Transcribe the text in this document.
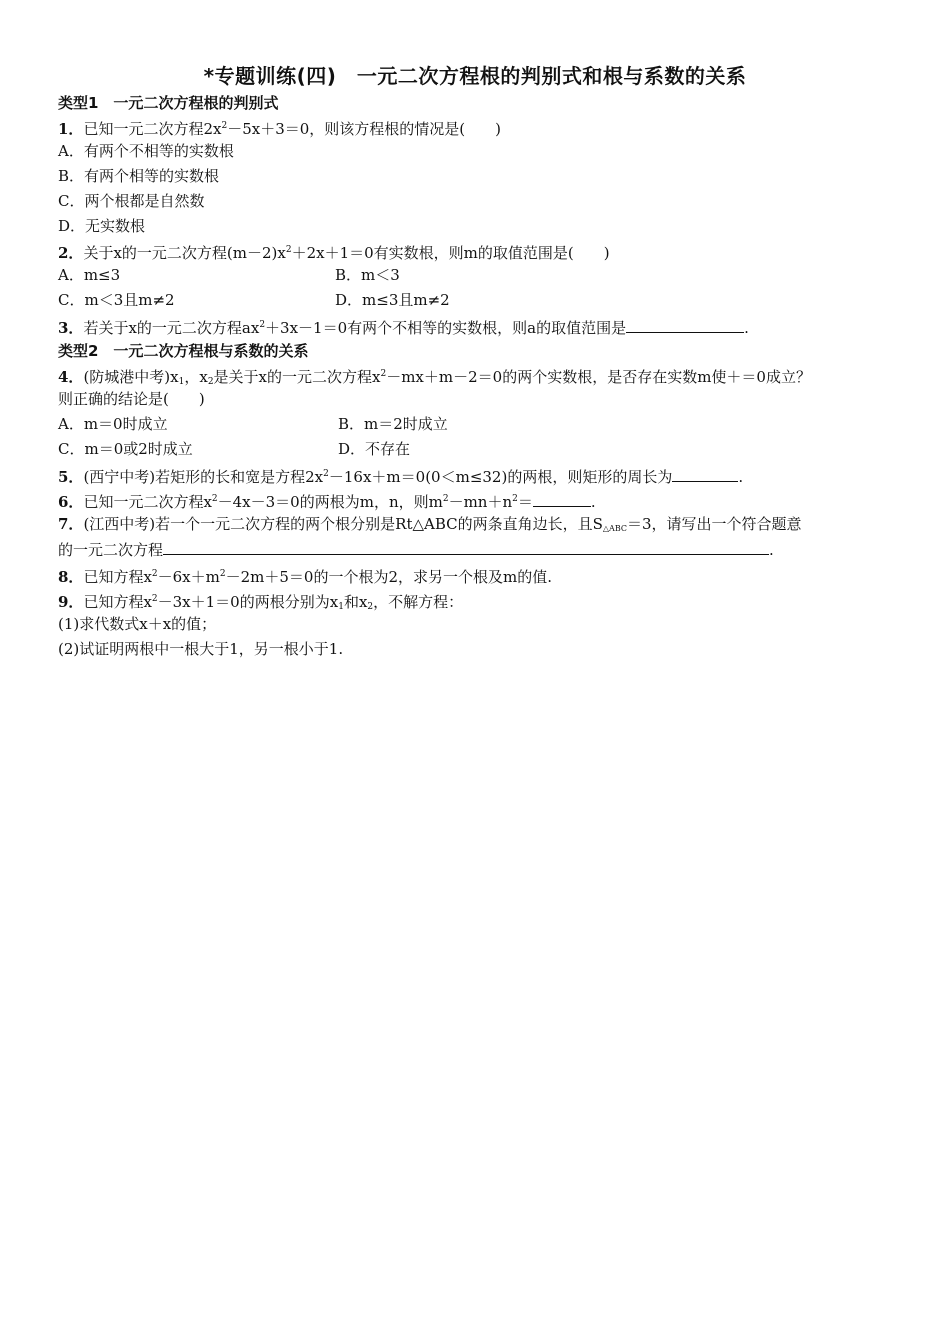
*专题训练(四)　一元二次方程根的判别式和根与系数的关系
类型1　一元二次方程根的判别式
1．已知一元二次方程$2x^2-5x+3=0$，则该方程根的情况是(　　)
A．有两个不相等的实数根
B．有两个相等的实数根
C．两个根都是自然数
D．无实数根
2．关于x的一元二次方程$(m-2)x^2+2x+1=0$有实数根，则m的取值范围是(　　)
A．m≤3	B．m＜3
C．m＜3且m≠2	D．m≤3且m≠2
3．若关于x的一元二次方程$ax^2+3x-1=0$有两个不相等的实数根，则a的取值范围是	.
类型2　一元二次方程根与系数的关系
4．(防城港中考)$x_1$，$x_2$是关于x的一元二次方程$x^2-mx+m-2=0$的两个实数根，是否存在实数m使＋＝0成立？
则正确的结论是(　　)
A．m＝0时成立	B．m＝2时成立
C．m＝0或2时成立	D．不存在
5．(西宁中考)若矩形的长和宽是方程$2x^2-16x+m=0(0<m\le 32)$的两根，则矩形的周长为	.
6．已知一元二次方程$x^2-4x-3=0$的两根为m，n，则$m^2-mn+n^2=$	.
7．(江西中考)若一个一元二次方程的两个根分别是Rt△ABC的两条直角边长，且$S_{\triangle ABC}=3$，请写出一个符合题意
的一元二次方程	.
8．已知方程$x^2-6x+m^2-2m+5=0$的一个根为2，求另一个根及m的值.
9．已知方程$x^2-3x+1=0$的两根分别为$x_1$和$x_2$，不解方程：
(1)求代数式x＋x的值；
(2)试证明两根中一根大于1，另一根小于1.
